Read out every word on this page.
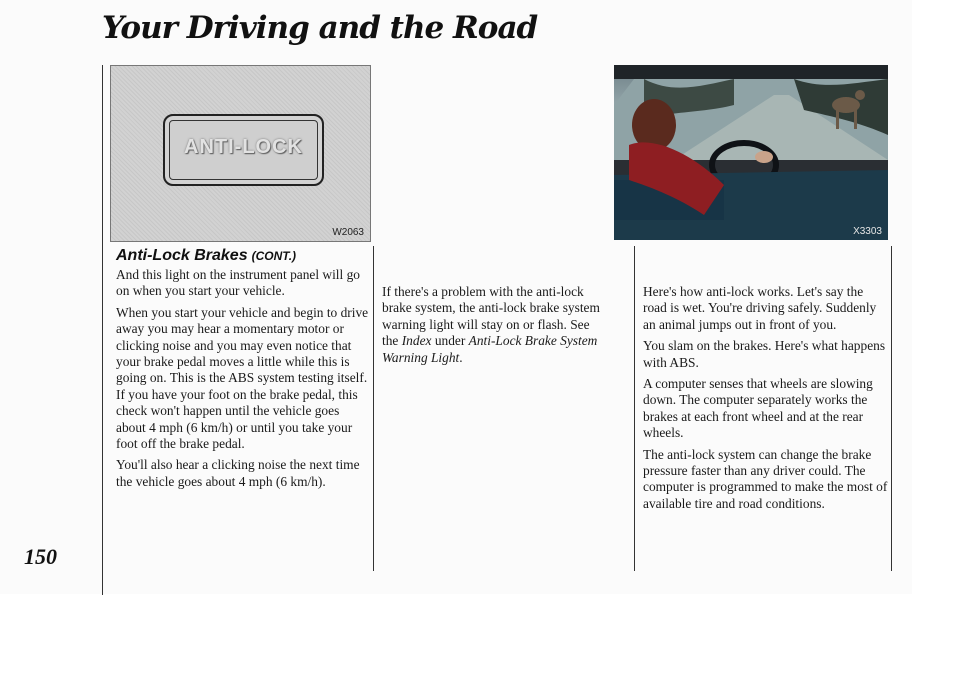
Your Driving and the Road
ANTI-LOCK
W2063	X3303
Anti-Lock Brakes (CONT.)

And this light on the instrument panel will go on when you start your vehicle.

When you start your vehicle and begin to drive away you may hear a momentary motor or clicking noise and you may even notice that your brake pedal moves a little while this is going on. This is the ABS system testing itself. If you have your foot on the brake pedal, this check won't happen until the vehicle goes about 4 mph (6 km/h) or until you take your foot off the brake pedal.

You'll also hear a clicking noise the next time the vehicle goes about 4 mph (6 km/h).

If there's a problem with the anti-lock brake system, the anti-lock brake system warning light will stay on or flash. See the Index under Anti-Lock Brake System Warning Light.

Here's how anti-lock works. Let's say the road is wet. You're driving safely. Suddenly an animal jumps out in front of you.

You slam on the brakes. Here's what happens with ABS.

A computer senses that wheels are slowing down. The computer separately works the brakes at each front wheel and at the rear wheels.

The anti-lock system can change the brake pressure faster than any driver could. The computer is programmed to make the most of available tire and road conditions.

150
